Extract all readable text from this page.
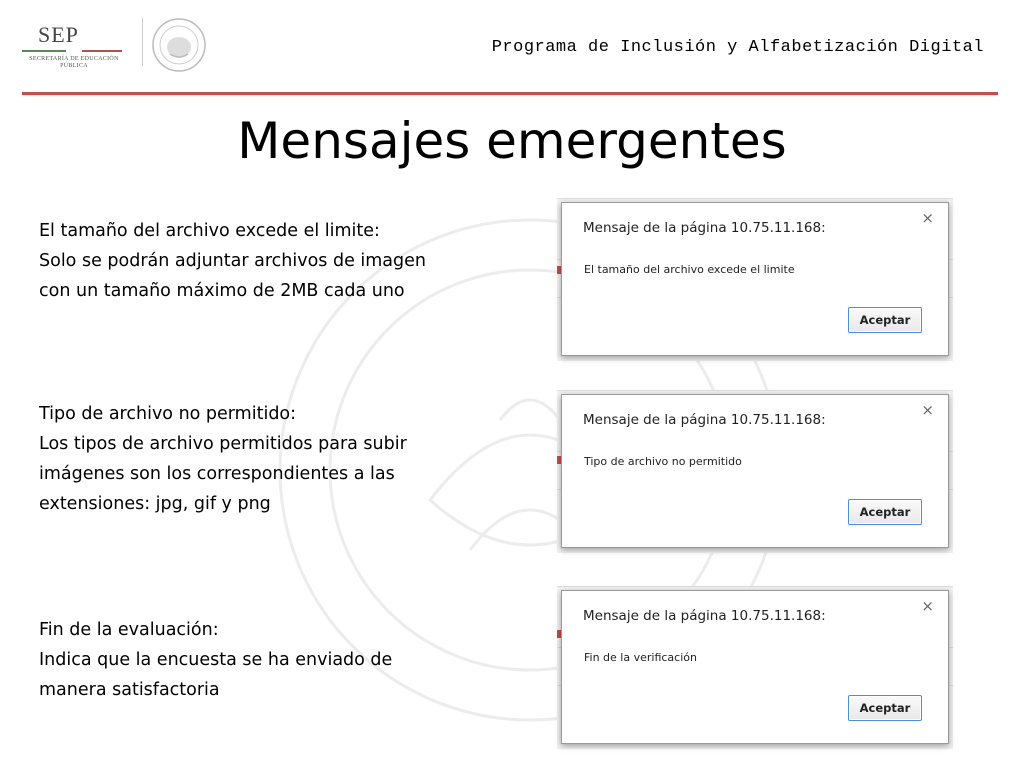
SEP
SECRETARÍA DE EDUCACIÓN PÚBLICA
Programa de Inclusión y Alfabetización Digital
Mensajes emergentes
El tamaño del archivo excede el limite:
Solo se podrán adjuntar archivos de imagen
con un tamaño máximo de 2MB cada uno
Mensaje de la página 10.75.11.168:
×
El tamaño del archivo excede el limite
Aceptar
Tipo de archivo no permitido:
Los tipos de archivo permitidos para subir
imágenes son los correspondientes a las
extensiones: jpg, gif y png
Mensaje de la página 10.75.11.168:
×
Tipo de archivo no permitido
Aceptar
Fin de la evaluación:
Indica que la encuesta se ha enviado de
manera satisfactoria
Mensaje de la página 10.75.11.168:
×
Fin de la verificación
Aceptar
